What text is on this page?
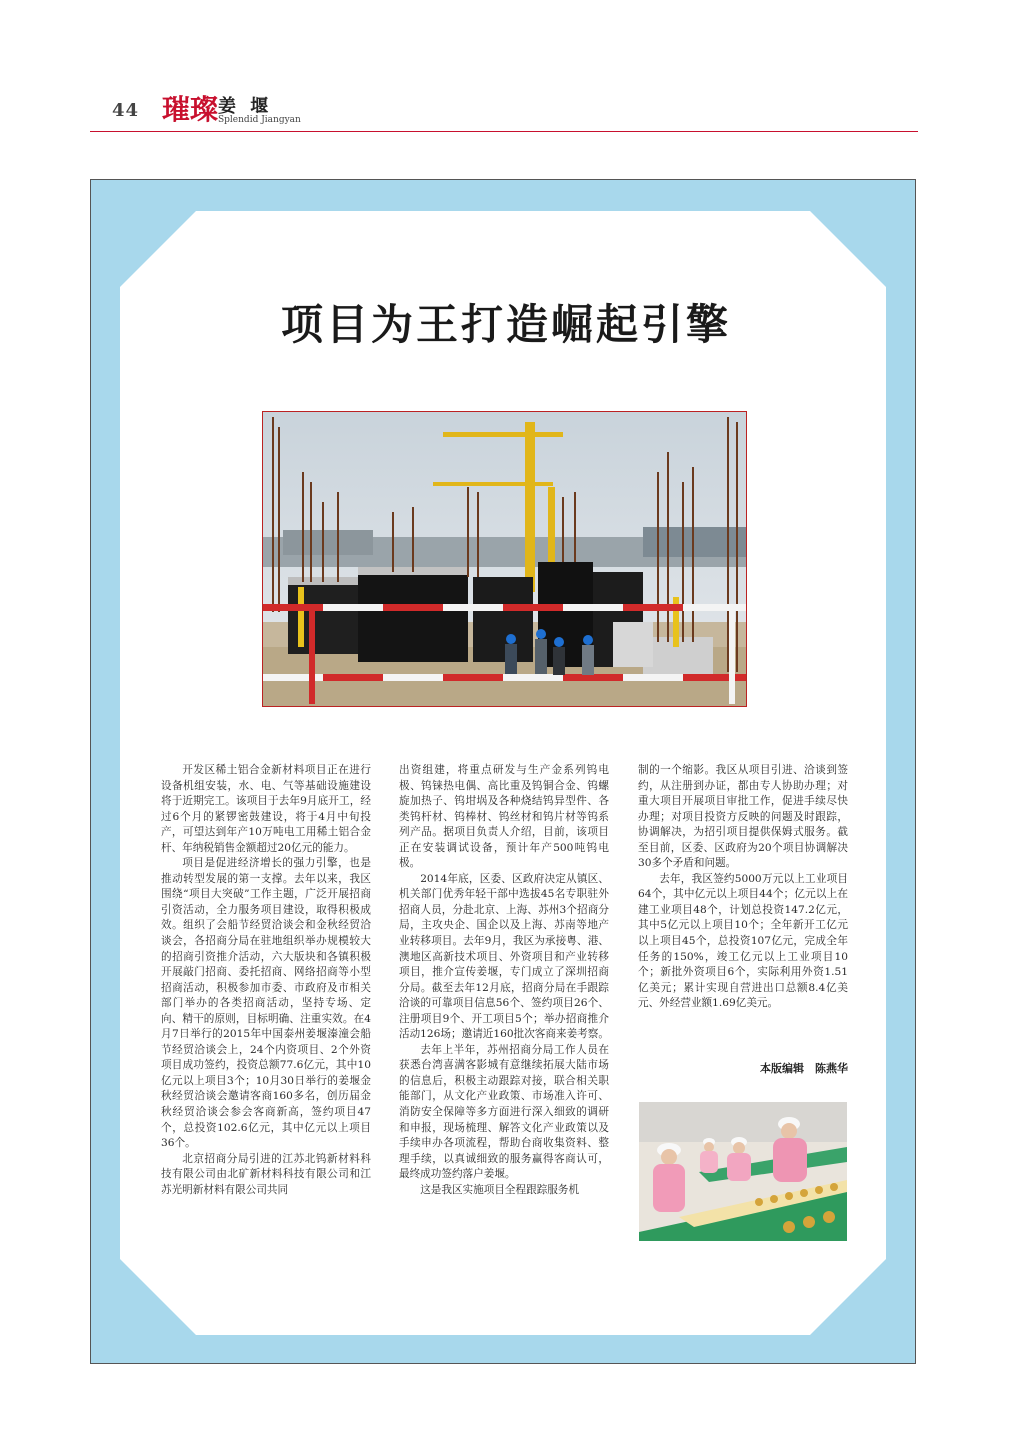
44 璀璨 姜 堰
Splendid Jiangyan
项目为王打造崛起引擎

开发区稀土铝合金新材料项目正在进行设备机组安装，水、电、气等基础设施建设将于近期完工。该项目于去年9月底开工，经过6个月的紧锣密鼓建设，将于4月中旬投产，可望达到年产10万吨电工用稀土铝合金杆、年纳税销售金额超过20亿元的能力。

项目是促进经济增长的强力引擎，也是推动转型发展的第一支撑。去年以来，我区围绕“项目大突破”工作主题，广泛开展招商引资活动，全力服务项目建设，取得积极成效。组织了会船节经贸洽谈会和金秋经贸洽谈会，各招商分局在驻地组织举办规模较大的招商引资推介活动，六大版块和各镇积极开展敲门招商、委托招商、网络招商等小型招商活动，积极参加市委、市政府及市相关部门举办的各类招商活动，坚持专场、定向、精干的原则，目标明确、注重实效。在4月7日举行的2015年中国泰州姜堰溱潼会船节经贸洽谈会上，24个内资项目、2个外资项目成功签约，投资总额77.6亿元，其中10亿元以上项目3个；10月30日举行的姜堰金秋经贸洽谈会邀请客商160多名，创历届金秋经贸洽谈会参会客商新高，签约项目47个，总投资102.6亿元，其中亿元以上项目36个。

北京招商分局引进的江苏北钨新材料科技有限公司由北矿新材料科技有限公司和江苏光明新材料有限公司共同

出资组建，将重点研发与生产金系列钨电极、钨铼热电偶、高比重及钨铜合金、钨螺旋加热子、钨坩埚及各种烧结钨异型件、各类钨杆材、钨棒材、钨丝材和钨片材等钨系列产品。据项目负责人介绍，目前，该项目正在安装调试设备，预计年产500吨钨电极。

2014年底，区委、区政府决定从镇区、机关部门优秀年轻干部中选拔45名专职驻外招商人员，分赴北京、上海、苏州3个招商分局，主攻央企、国企以及上海、苏南等地产业转移项目。去年9月，我区为承接粤、港、澳地区高新技术项目、外资项目和产业转移项目，推介宣传姜堰，专门成立了深圳招商分局。截至去年12月底，招商分局在手跟踪洽谈的可靠项目信息56个、签约项目26个、注册项目9个、开工项目5个；举办招商推介活动126场；邀请近160批次客商来姜考察。

去年上半年，苏州招商分局工作人员在获悉台湾喜满客影城有意继续拓展大陆市场的信息后，积极主动跟踪对接，联合相关职能部门，从文化产业政策、市场准入许可、消防安全保障等多方面进行深入细致的调研和申报，现场梳理、解答文化产业政策以及手续申办各项流程，帮助台商收集资料、整理手续，以真诚细致的服务赢得客商认可，最终成功签约落户姜堰。

这是我区实施项目全程跟踪服务机

制的一个缩影。我区从项目引进、洽谈到签约，从注册到办证，都由专人协助办理；对重大项目开展项目审批工作，促进手续尽快办理；对项目投资方反映的问题及时跟踪，协调解决，为招引项目提供保姆式服务。截至目前，区委、区政府为20个项目协调解决30多个矛盾和问题。

去年，我区签约5000万元以上工业项目64个，其中亿元以上项目44个；亿元以上在建工业项目48个，计划总投资147.2亿元，其中5亿元以上项目10个；全年新开工亿元以上项目45个，总投资107亿元，完成全年任务的150%，竣工亿元以上工业项目10个；新批外资项目6个，实际利用外资1.51亿美元；累计实现自营进出口总额8.4亿美元、外经营业额1.69亿美元。

本版编辑　陈燕华
